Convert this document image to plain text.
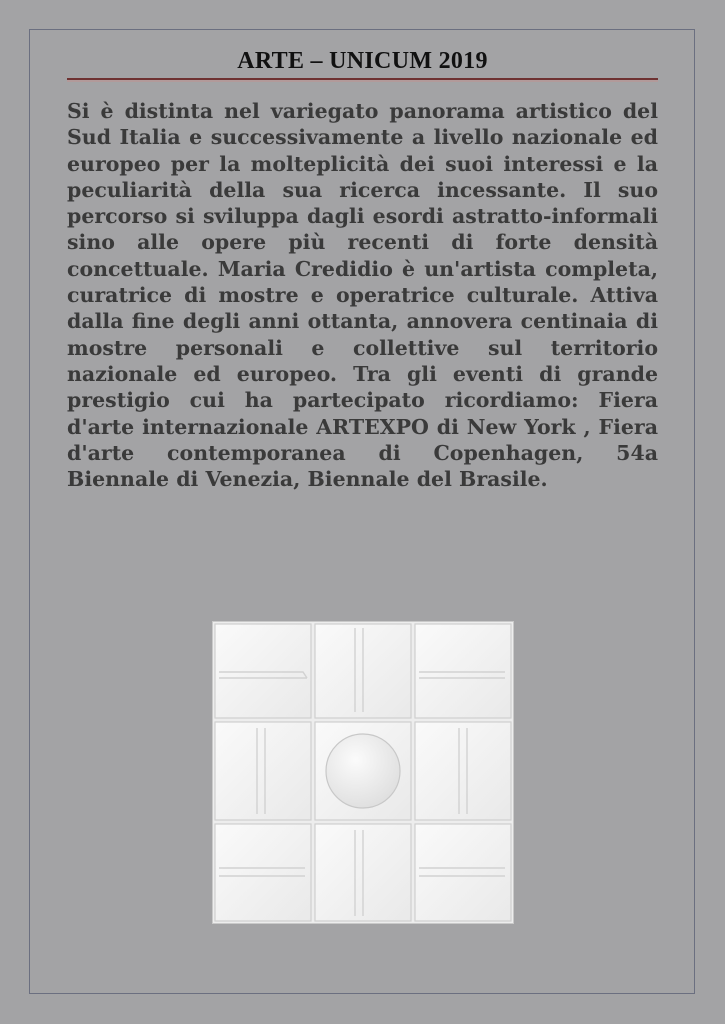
ARTE – UNICUM 2019

Si è distinta nel variegato panorama artistico del Sud Italia e successivamente a livello nazionale ed europeo per la molteplicità dei suoi interessi e la peculiarità della sua ricerca incessante. Il suo percorso si sviluppa dagli esordi astratto-informali sino alle opere più recenti di forte densità concettuale. Maria Credidio è un'artista completa, curatrice di mostre e operatrice culturale. Attiva dalla fine degli anni ottanta, annovera centinaia di mostre personali e collettive sul territorio nazionale ed europeo. Tra gli eventi di grande prestigio cui ha partecipato ricordiamo: Fiera d'arte internazionale ARTEXPO di New York , Fiera d'arte contemporanea di Copenhagen, 54a Biennale di Venezia, Biennale del Brasile.
